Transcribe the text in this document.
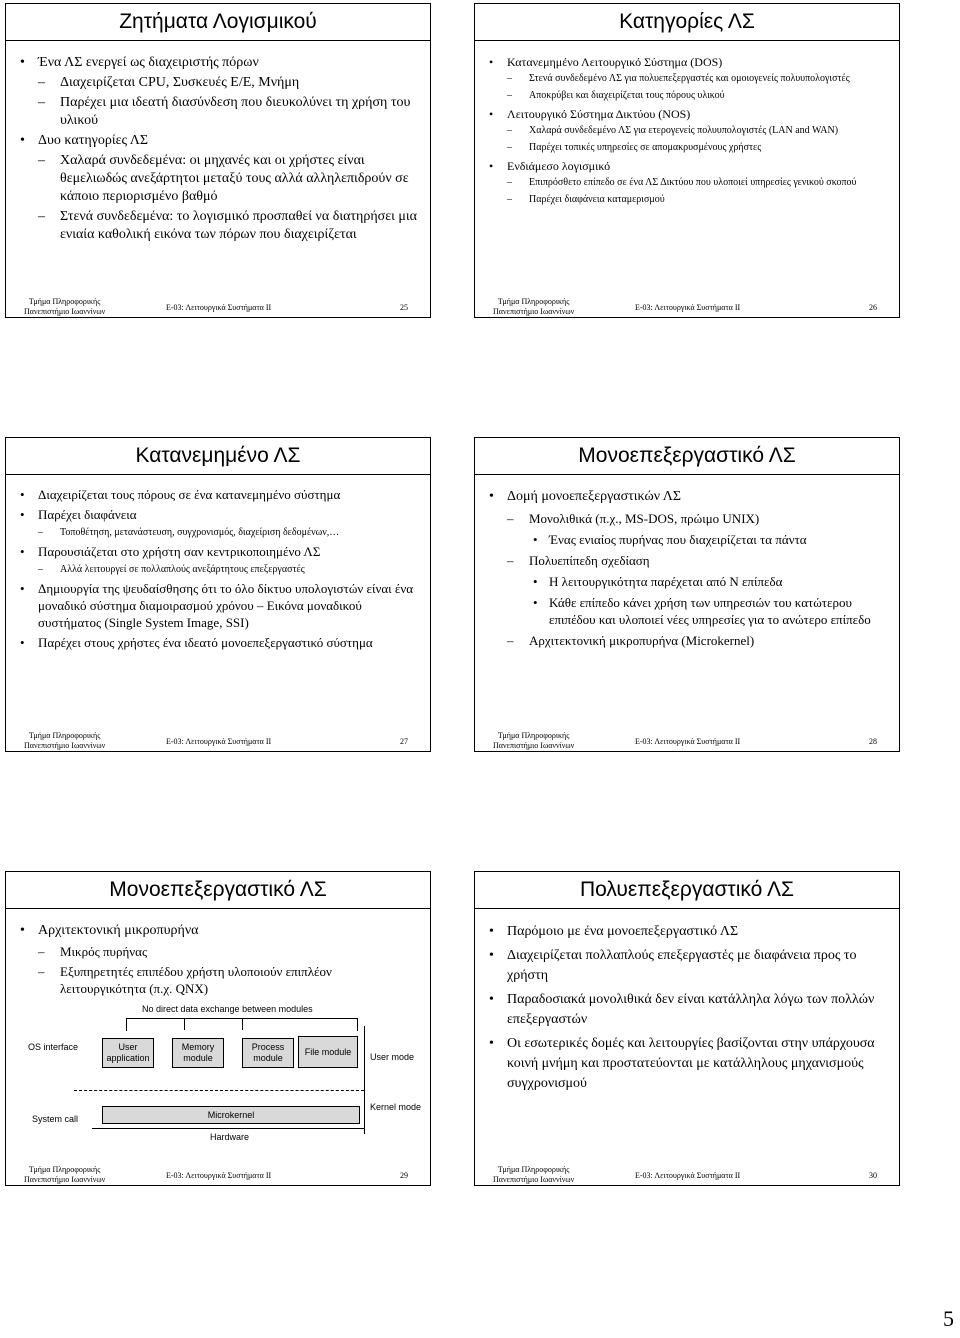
Ζητήματα Λογισμικού
• Ένα ΛΣ ενεργεί ως διαχειριστής πόρων
– Διαχειρίζεται CPU, Συσκευές Ε/Ε, Μνήμη
– Παρέχει μια ιδεατή διασύνδεση που διευκολύνει τη χρήση του υλικού
• Δυο κατηγορίες ΛΣ
– Χαλαρά συνδεδεμένα: οι μηχανές και οι χρήστες είναι θεμελιωδώς ανεξάρτητοι μεταξύ τους αλλά αλληλεπιδρούν σε κάποιο περιορισμένο βαθμό
– Στενά συνδεδεμένα: το λογισμικό προσπαθεί να διατηρήσει μια ενιαία καθολική εικόνα των πόρων που διαχειρίζεται
Τμήμα Πληροφορικής
Πανεπιστήμιο Ιωαννίνων	Ε-03: Λειτουργικά Συστήματα ΙΙ	25
Κατηγορίες ΛΣ
• Κατανεμημένο Λειτουργικό Σύστημα (DOS)
– Στενά συνδεδεμένο ΛΣ για πολυεπεξεργαστές και ομοιογενείς πολυυπολογιστές
– Αποκρύβει και διαχειρίζεται τους πόρους υλικού
• Λειτουργικό Σύστημα Δικτύου (NOS)
– Χαλαρά συνδεδεμένο ΛΣ για ετερογενείς πολυυπολογιστές (LAN and WAN)
– Παρέχει τοπικές υπηρεσίες σε απομακρυσμένους χρήστες
• Ενδιάμεσο λογισμικό
– Επιπρόσθετο επίπεδο σε ένα ΛΣ Δικτύου που υλοποιεί υπηρεσίες γενικού σκοπού
– Παρέχει διαφάνεια καταμερισμού
Τμήμα Πληροφορικής
Πανεπιστήμιο Ιωαννίνων	Ε-03: Λειτουργικά Συστήματα ΙΙ	26
Κατανεμημένο ΛΣ
• Διαχειρίζεται τους πόρους σε ένα κατανεμημένο σύστημα
• Παρέχει διαφάνεια
– Τοποθέτηση, μετανάστευση, συγχρονισμός, διαχείριση δεδομένων,…
• Παρουσιάζεται στο χρήστη σαν κεντρικοποιημένο ΛΣ
– Αλλά λειτουργεί σε πολλαπλούς ανεξάρτητους επεξεργαστές
• Δημιουργία της ψευδαίσθησης ότι το όλο δίκτυο υπολογιστών είναι ένα μοναδικό σύστημα διαμοιρασμού χρόνου – Εικόνα μοναδικού συστήματος (Single System Image, SSI)
• Παρέχει στους χρήστες ένα ιδεατό μονοεπεξεργαστικό σύστημα
Τμήμα Πληροφορικής
Πανεπιστήμιο Ιωαννίνων	Ε-03: Λειτουργικά Συστήματα ΙΙ	27
Μονοεπεξεργαστικό ΛΣ
• Δομή μονοεπεξεργαστικών ΛΣ
– Μονολιθικά (π.χ., MS-DOS, πρώιμο UNIX)
• Ένας ενιαίος πυρήνας που διαχειρίζεται τα πάντα
– Πολυεπίπεδη σχεδίαση
• Η λειτουργικότητα παρέχεται από N επίπεδα
• Κάθε επίπεδο κάνει χρήση των υπηρεσιών του κατώτερου επιπέδου και υλοποιεί νέες υπηρεσίες για το ανώτερο επίπεδο
– Αρχιτεκτονική μικροπυρήνα (Microkernel)
Τμήμα Πληροφορικής
Πανεπιστήμιο Ιωαννίνων	Ε-03: Λειτουργικά Συστήματα ΙΙ	28
Μονοεπεξεργαστικό ΛΣ
• Αρχιτεκτονική μικροπυρήνα
– Μικρός πυρήνας
– Εξυπηρετητές επιπέδου χρήστη υλοποιούν επιπλέον λειτουργικότητα (π.χ. QNX)
No direct data exchange between modules
OS interface	User application
Memory module
Process module
File module
User mode
Kernel mode
System call	Microkernel
Hardware
Τμήμα Πληροφορικής
Πανεπιστήμιο Ιωαννίνων	Ε-03: Λειτουργικά Συστήματα ΙΙ	29
Πολυεπεξεργαστικό ΛΣ
• Παρόμοιο με ένα μονοεπεξεργαστικό ΛΣ
• Διαχειρίζεται πολλαπλούς επεξεργαστές με διαφάνεια προς το χρήστη
• Παραδοσιακά μονολιθικά δεν είναι κατάλληλα λόγω των πολλών επεξεργαστών
• Οι εσωτερικές δομές και λειτουργίες βασίζονται στην υπάρχουσα κοινή μνήμη και προστατεύονται με κατάλληλους μηχανισμούς συγχρονισμού
Τμήμα Πληροφορικής
Πανεπιστήμιο Ιωαννίνων	Ε-03: Λειτουργικά Συστήματα ΙΙ	30
5
